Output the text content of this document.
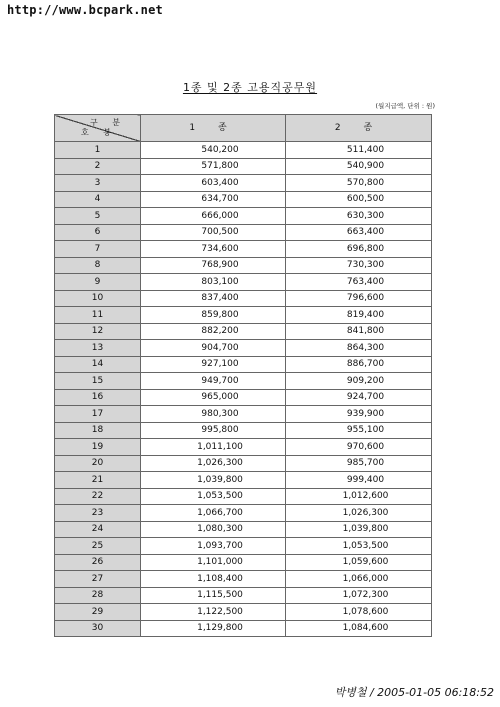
http://www.bcpark.net
1종 및 2종 고용직공무원
(월지급액, 단위 : 원)
구 분
호 봉	1 종	2 종
1	540,200	511,400
2	571,800	540,900
3	603,400	570,800
4	634,700	600,500
5	666,000	630,300
6	700,500	663,400
7	734,600	696,800
8	768,900	730,300
9	803,100	763,400
10	837,400	796,600
11	859,800	819,400
12	882,200	841,800
13	904,700	864,300
14	927,100	886,700
15	949,700	909,200
16	965,000	924,700
17	980,300	939,900
18	995,800	955,100
19	1,011,100	970,600
20	1,026,300	985,700
21	1,039,800	999,400
22	1,053,500	1,012,600
23	1,066,700	1,026,300
24	1,080,300	1,039,800
25	1,093,700	1,053,500
26	1,101,000	1,059,600
27	1,108,400	1,066,000
28	1,115,500	1,072,300
29	1,122,500	1,078,600
30	1,129,800	1,084,600
박병철 / 2005-01-05 06:18:52
